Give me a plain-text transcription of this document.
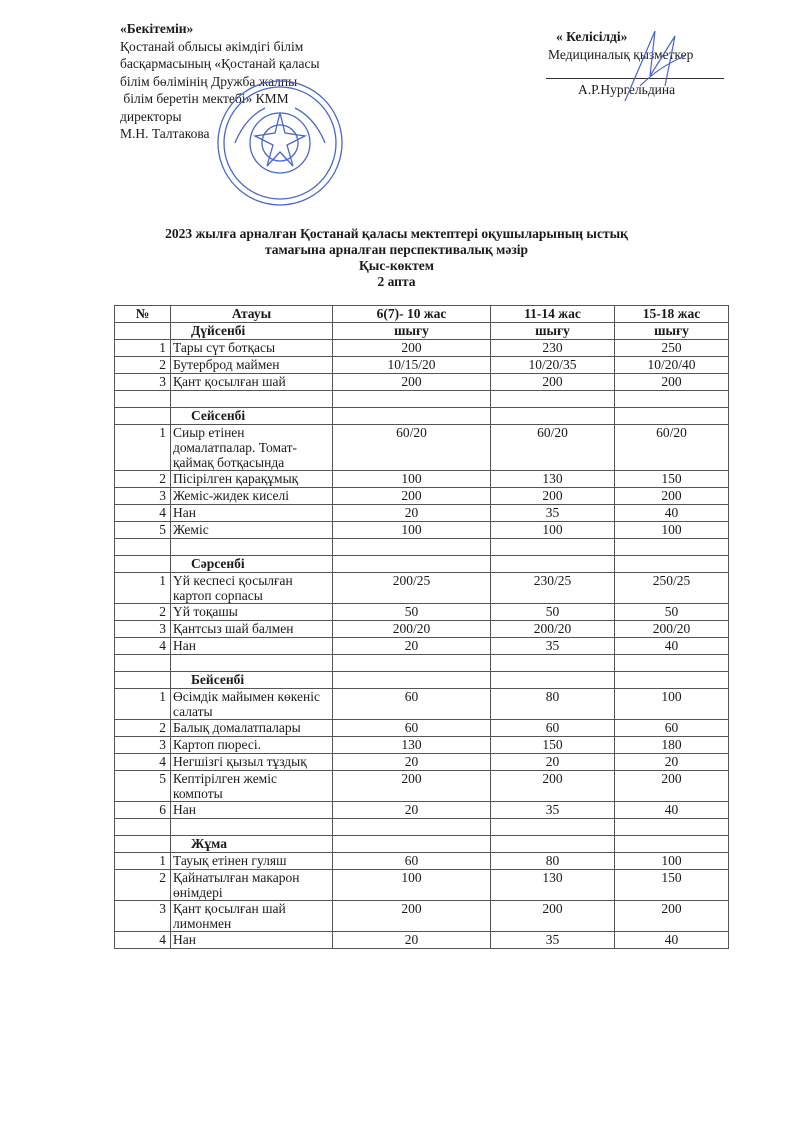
«Бекітемін»
Қостанай облысы әкімдігі білім
басқармасының «Қостанай қаласы
білім бөлімінің Дружба жалпы
білім беретін мектебі» КММ
директоры
М.Н. Талтакова
« Келісілді»
Медициналық қызметкер
А.Р.Нургельдина
2023 жылға арналған Қостанай қаласы мектептері оқушыларының ыстық
тамағына арналған перспективалық мәзір
Қыс-көктем
2 апта
№	Атауы	6(7)- 10 жас	11-14 жас	15-18 жас
	Дүйсенбі	шығу	шығу	шығу
1	Тары сүт ботқасы	200	230	250
2	Бутерброд маймен	10/15/20	10/20/35	10/20/40
3	Қант қосылған шай	200	200	200

	Сейсенбі			
1	Сиыр етінен домалатпалар. Томат-қаймақ ботқасында	60/20	60/20	60/20
2	Пісірілген қарақұмық	100	130	150
3	Жеміс-жидек киселі	200	200	200
4	Нан	20	35	40
5	Жеміс	100	100	100

	Сәрсенбі			
1	Үй кеспесі қосылған картоп сорпасы	200/25	230/25	250/25
2	Үй тоқашы	50	50	50
3	Қантсыз шай балмен	200/20	200/20	200/20
4	Нан	20	35	40

	Бейсенбі			
1	Өсімдік майымен көкеніс салаты	60	80	100
2	Балық домалатпалары	60	60	60
3	Картоп пюресі.	130	150	180
4	Негшізгі қызыл тұздық	20	20	20
5	Кептірілген жеміс компоты	200	200	200
6	Нан	20	35	40

	Жұма			
1	Тауық етінен гуляш	60	80	100
2	Қайнатылған макарон өнімдері	100	130	150
3	Қант қосылған шай лимонмен	200	200	200
4	Нан	20	35	40
